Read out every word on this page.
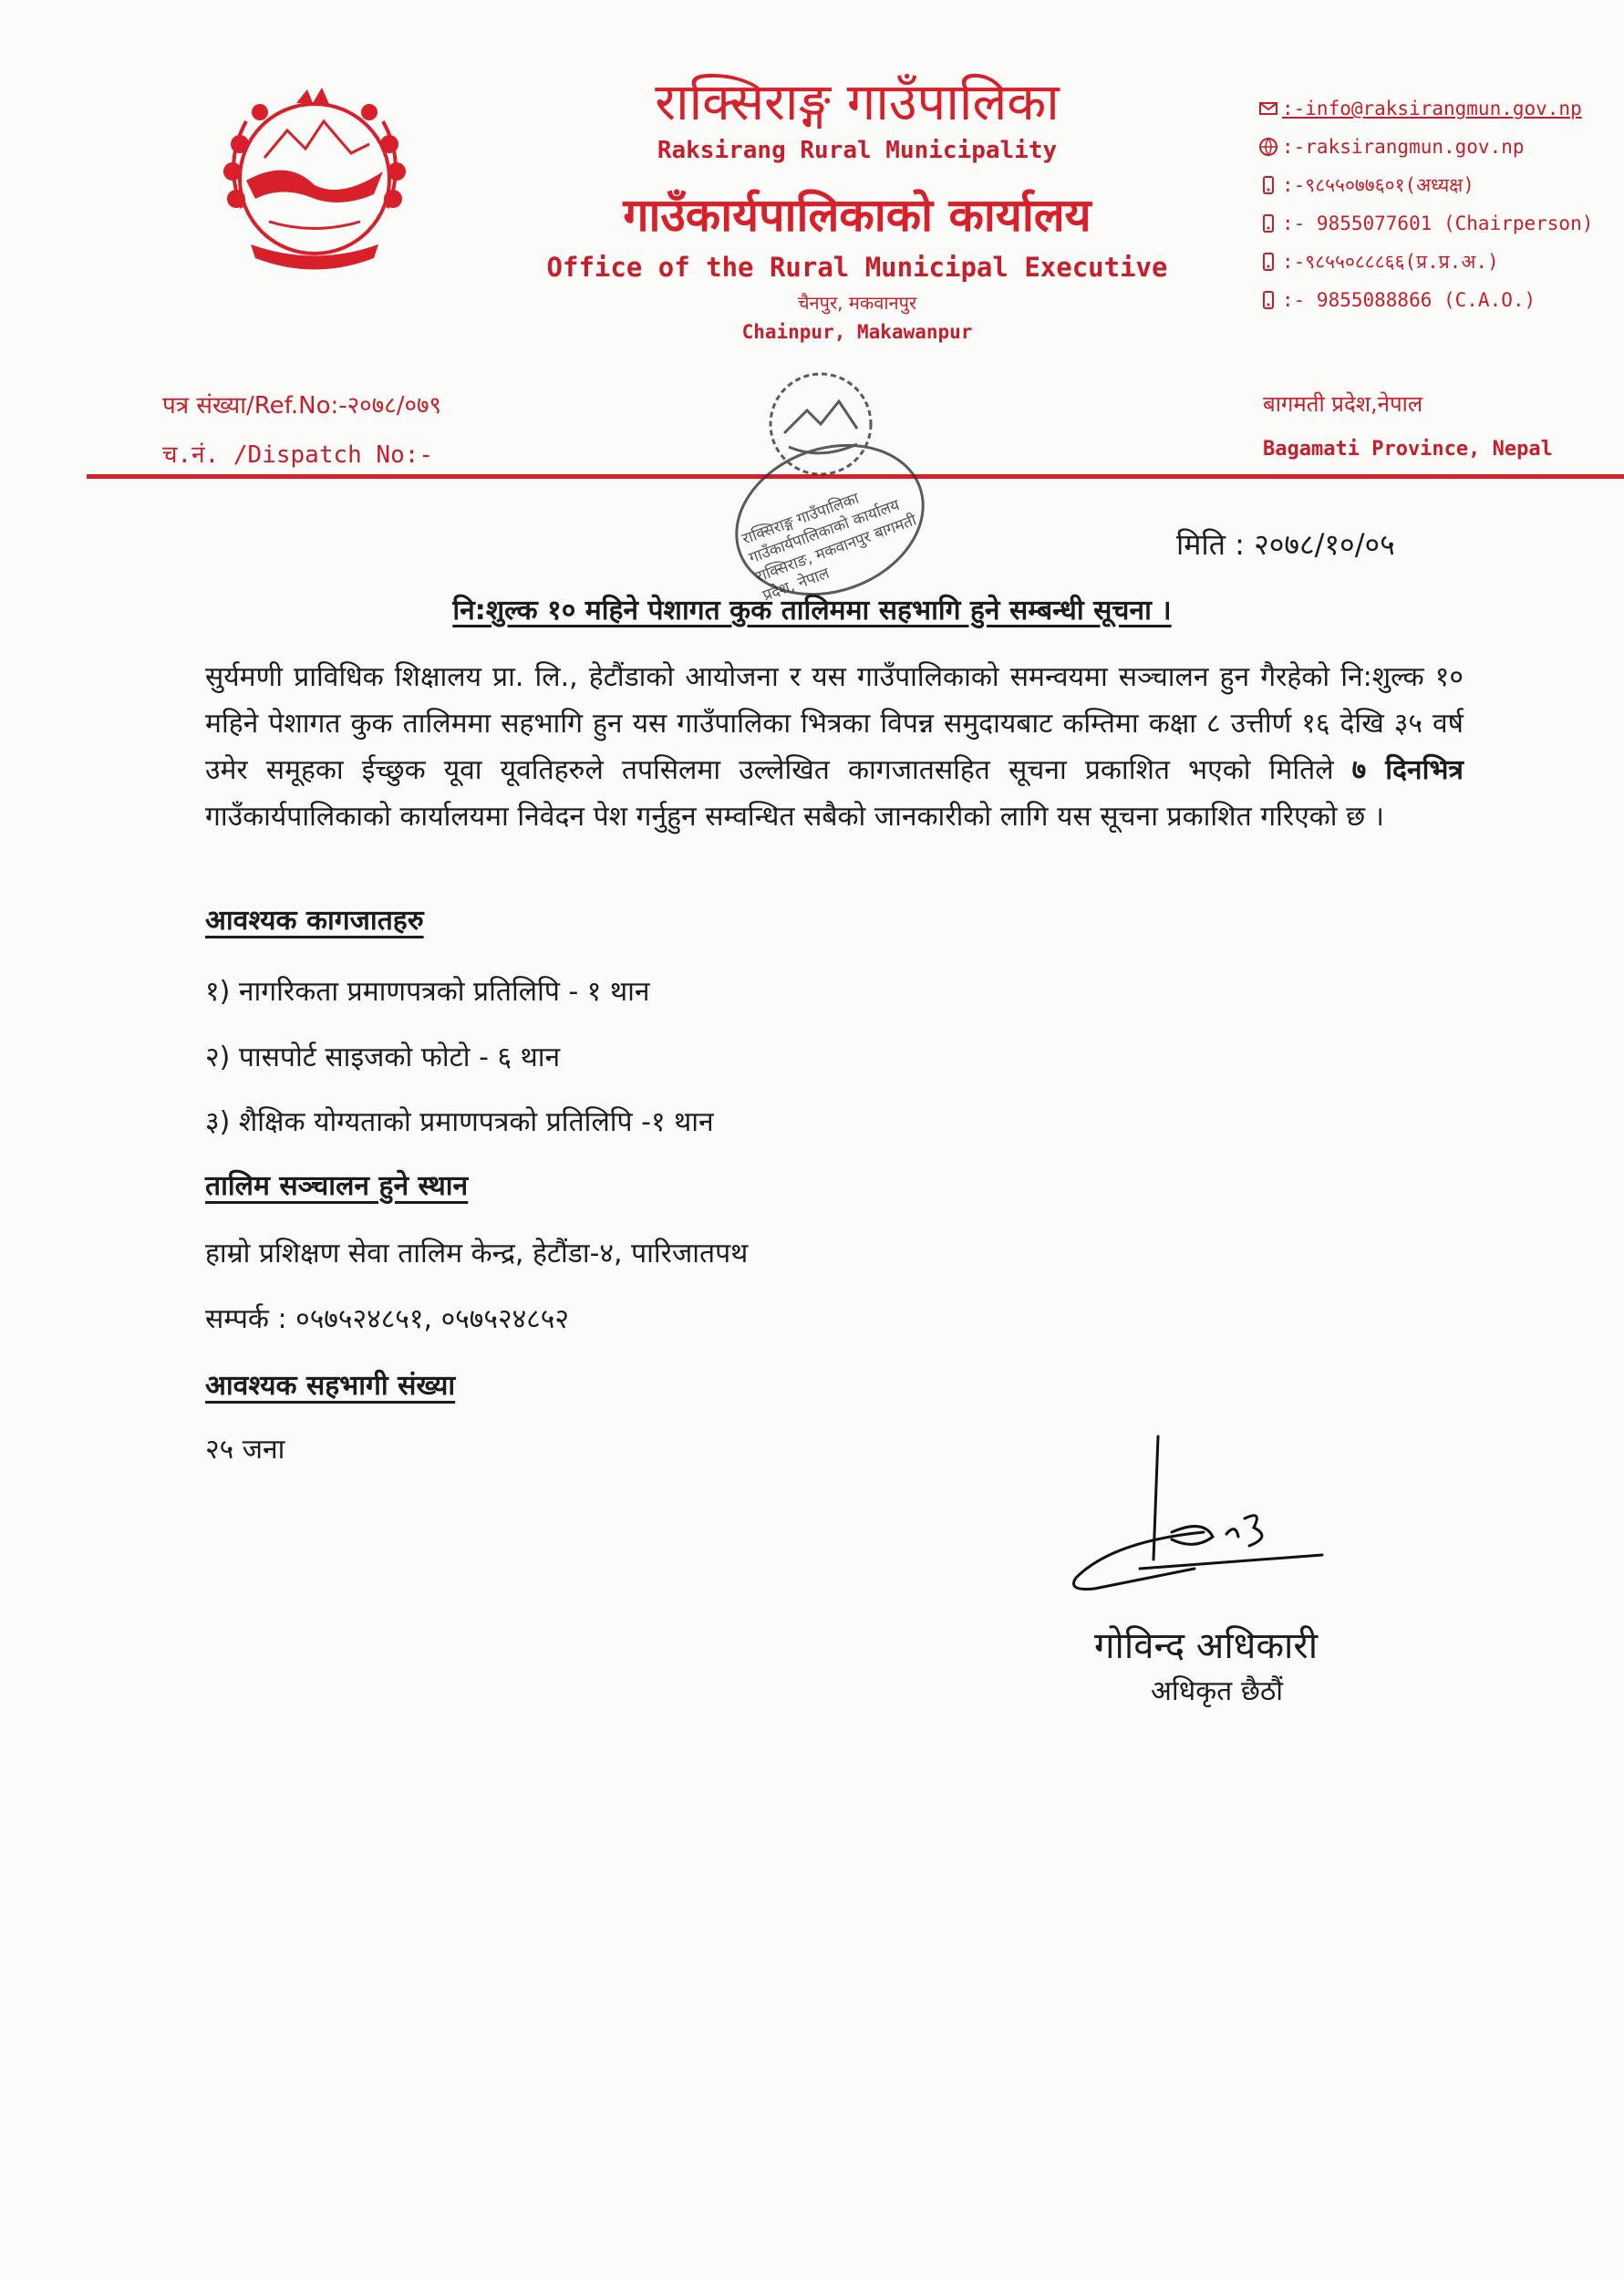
राक्सिराङ्ग गाउँपालिका
Raksirang Rural Municipality
गाउँकार्यपालिकाको कार्यालय
Office of the Rural Municipal Executive
चैनपुर, मकवानपुर
Chainpur, Makawanpur
:-info@raksirangmun.gov.np
:-raksirangmun.gov.np
:-९८५५०७७६०१(अध्यक्ष)
:- 9855077601 (Chairperson)
:-९८५५०८८८६६(प्र.प्र.अ.)
:- 9855088866 (C.A.O.)
पत्र संख्या/Ref.No:-२०७८/०७९
च.नं. /Dispatch No:-
बागमती प्रदेश,नेपाल
Bagamati Province, Nepal
राक्सिराङ्ग गाउँपालिका गाउँकार्यपालिकाको कार्यालय राक्सिराङ, मकवानपुर बागमती प्रदेश, नेपाल
मिति : २०७८/१०/०५
नि:शुल्क १० महिने पेशागत कुक तालिममा सहभागि हुने सम्बन्धी सूचना ।
सुर्यमणी प्राविधिक शिक्षालय प्रा. लि., हेटौंडाको आयोजना र यस गाउँपालिकाको समन्वयमा सञ्चालन हुन गैरहेको नि:शुल्क १० महिने पेशागत कुक तालिममा सहभागि हुन यस गाउँपालिका भित्रका विपन्न समुदायबाट कम्तिमा कक्षा ८ उत्तीर्ण १६ देखि ३५ वर्ष उमेर समूहका ईच्छुक यूवा यूवतिहरुले तपसिलमा उल्लेखित कागजातसहित सूचना प्रकाशित भएको मितिले ७ दिनभित्र गाउँकार्यपालिकाको कार्यालयमा निवेदन पेश गर्नुहुन सम्वन्धित सबैको जानकारीको लागि यस सूचना प्रकाशित गरिएको छ ।
आवश्यक कागजातहरु
१) नागरिकता प्रमाणपत्रको प्रतिलिपि - १ थान
२) पासपोर्ट साइजको फोटो - ६ थान
३) शैक्षिक योग्यताको प्रमाणपत्रको प्रतिलिपि -१ थान
तालिम सञ्चालन हुने स्थान
हाम्रो प्रशिक्षण सेवा तालिम केन्द्र, हेटौंडा-४, पारिजातपथ
सम्पर्क : ०५७५२४८५१, ०५७५२४८५२
आवश्यक सहभागी संख्या
२५ जना
गोविन्द अधिकारी
अधिकृत छैठौं
